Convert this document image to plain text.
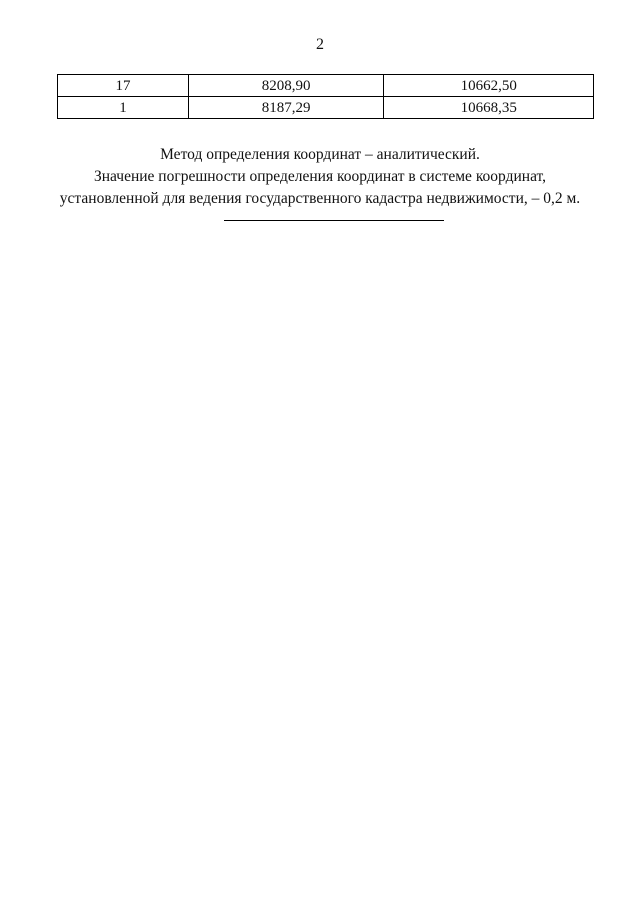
2
17	8208,90	10662,50
1	8187,29	10668,35

Метод определения координат – аналитический.

Значение погрешности определения координат в системе координат,

установленной для ведения государственного кадастра недвижимости, – 0,2 м.
